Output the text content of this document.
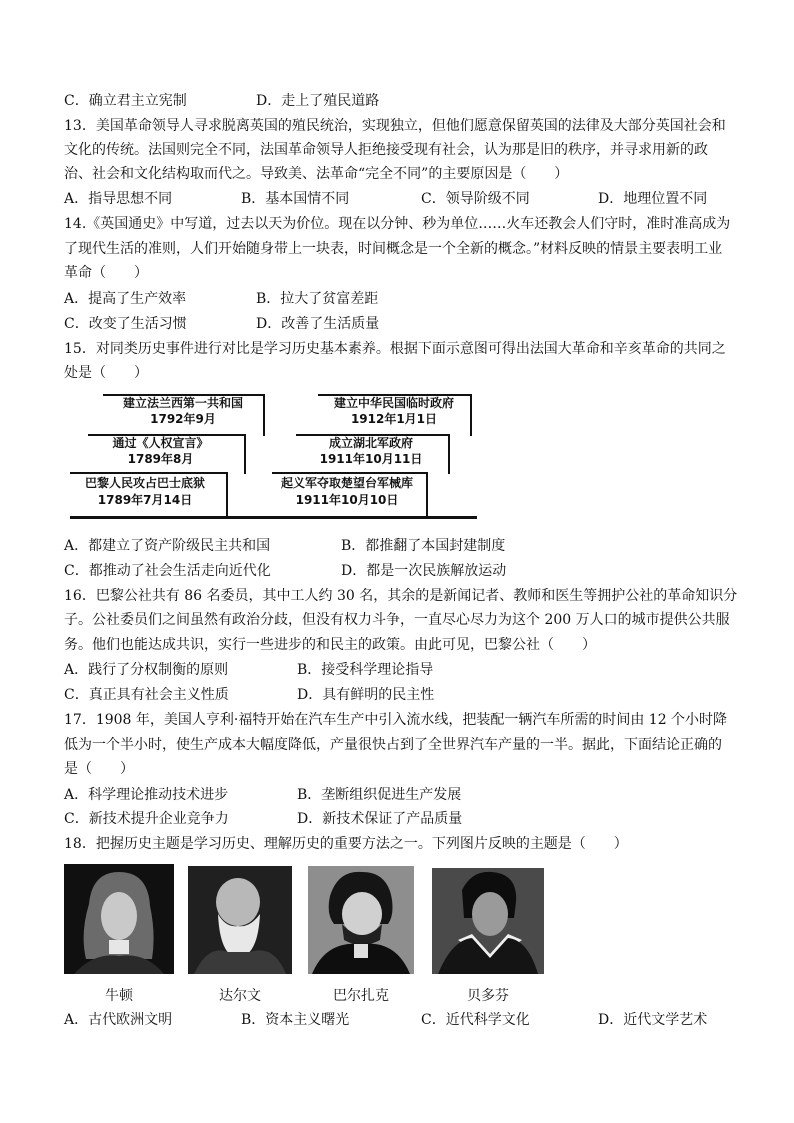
C．确立君主立宪制	D．走上了殖民道路
13．美国革命领导人寻求脱离英国的殖民统治，实现独立，但他们愿意保留英国的法律及大部分英国社会和
文化的传统。法国则完全不同，法国革命领导人拒绝接受现有社会，认为那是旧的秩序，并寻求用新的政
治、社会和文化结构取而代之。导致美、法革命“完全不同”的主要原因是（　　）
A．指导思想不同	B．基本国情不同	C．领导阶级不同	D．地理位置不同
14.《英国通史》中写道，过去以天为价位。现在以分钟、秒为单位……火车还教会人们守时，准时准高成为
了现代生活的准则，人们开始随身带上一块表，时间概念是一个全新的概念。”材料反映的情景主要表明工业
革命（　　）
A．提高了生产效率	B．拉大了贫富差距
C．改变了生活习惯	D．改善了生活质量
15．对同类历史事件进行对比是学习历史基本素养。根据下面示意图可得出法国大革命和辛亥革命的共同之
处是（　　）
建立法兰西第一共和国
1792年9月
通过《人权宣言》
1789年8月
巴黎人民攻占巴士底狱
1789年7月14日
建立中华民国临时政府
1912年1月1日
成立湖北军政府
1911年10月11日
起义军夺取楚望台军械库
1911年10月10日
A．都建立了资产阶级民主共和国	B．都推翻了本国封建制度
C．都推动了社会生活走向近代化	D．都是一次民族解放运动
16．巴黎公社共有 86 名委员，其中工人约 30 名，其余的是新闻记者、教师和医生等拥护公社的革命知识分
子。公社委员们之间虽然有政治分歧，但没有权力斗争，一直尽心尽力为这个 200 万人口的城市提供公共服
务。他们也能达成共识，实行一些进步的和民主的政策。由此可见，巴黎公社（　　）
A．践行了分权制衡的原则	B．接受科学理论指导
C．真正具有社会主义性质	D．具有鲜明的民主性
17．1908 年，美国人亨利·福特开始在汽车生产中引入流水线，把装配一辆汽车所需的时间由 12 个小时降
低为一个半小时，使生产成本大幅度降低，产量很快占到了全世界汽车产量的一半。据此，下面结论正确的
是（　　）
A．科学理论推动技术进步	B．垄断组织促进生产发展
C．新技术提升企业竞争力	D．新技术保证了产品质量
18．把握历史主题是学习历史、理解历史的重要方法之一。下列图片反映的主题是（　　）
牛顿	达尔文	巴尔扎克	贝多芬
A．古代欧洲文明	B．资本主义曙光	C．近代科学文化	D．近代文学艺术
